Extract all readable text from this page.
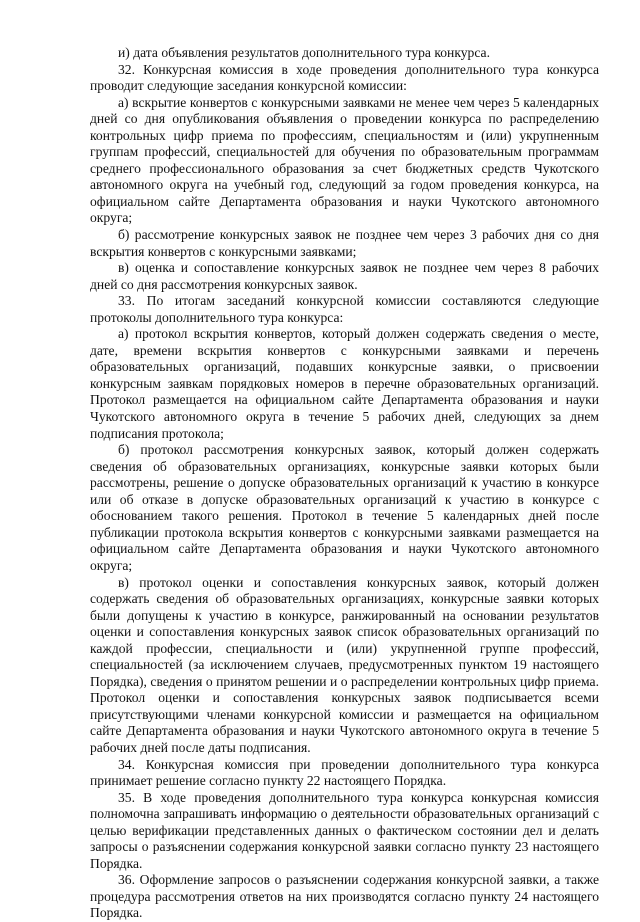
и) дата объявления результатов дополнительного тура конкурса.

32. Конкурсная комиссия в ходе проведения дополнительного тура конкурса проводит следующие заседания конкурсной комиссии:

а) вскрытие конвертов с конкурсными заявками не менее чем через 5 календарных дней со дня опубликования объявления о проведении конкурса по распределению контрольных цифр приема по профессиям, специальностям и (или) укрупненным группам профессий, специальностей для обучения по образовательным программам среднего профессионального образования за счет бюджетных средств Чукотского автономного округа на учебный год, следующий за годом проведения конкурса, на официальном сайте Департамента образования и науки Чукотского автономного округа;

б) рассмотрение конкурсных заявок не позднее чем через 3 рабочих дня со дня вскрытия конвертов с конкурсными заявками;

в) оценка и сопоставление конкурсных заявок не позднее чем через 8 рабочих дней со дня рассмотрения конкурсных заявок.

33. По итогам заседаний конкурсной комиссии составляются следующие протоколы дополнительного тура конкурса:

а) протокол вскрытия конвертов, который должен содержать сведения о месте, дате, времени вскрытия конвертов с конкурсными заявками и перечень образовательных организаций, подавших конкурсные заявки, о присвоении конкурсным заявкам порядковых номеров в перечне образовательных организаций. Протокол размещается на официальном сайте Департамента образования и науки Чукотского автономного округа в течение 5 рабочих дней, следующих за днем подписания протокола;

б) протокол рассмотрения конкурсных заявок, который должен содержать сведения об образовательных организациях, конкурсные заявки которых были рассмотрены, решение о допуске образовательных организаций к участию в конкурсе или об отказе в допуске образовательных организаций к участию в конкурсе с обоснованием такого решения. Протокол в течение 5 календарных дней после публикации протокола вскрытия конвертов с конкурсными заявками размещается на официальном сайте Департамента образования и науки Чукотского автономного округа;

в) протокол оценки и сопоставления конкурсных заявок, который должен содержать сведения об образовательных организациях, конкурсные заявки которых были допущены к участию в конкурсе, ранжированный на основании результатов оценки и сопоставления конкурсных заявок список образовательных организаций по каждой профессии, специальности и (или) укрупненной группе профессий, специальностей (за исключением случаев, предусмотренных пунктом 19 настоящего Порядка), сведения о принятом решении и о распределении контрольных цифр приема. Протокол оценки и сопоставления конкурсных заявок подписывается всеми присутствующими членами конкурсной комиссии и размещается на официальном сайте Департамента образования и науки Чукотского автономного округа в течение 5 рабочих дней после даты подписания.

34. Конкурсная комиссия при проведении дополнительного тура конкурса принимает решение согласно пункту 22 настоящего Порядка.

35. В ходе проведения дополнительного тура конкурса конкурсная комиссия полномочна запрашивать информацию о деятельности образовательных организаций с целью верификации представленных данных о фактическом состоянии дел и делать запросы о разъяснении содержания конкурсной заявки согласно пункту 23 настоящего Порядка.

36. Оформление запросов о разъяснении содержания конкурсной заявки, а также процедура рассмотрения ответов на них производятся согласно пункту 24 настоящего Порядка.
